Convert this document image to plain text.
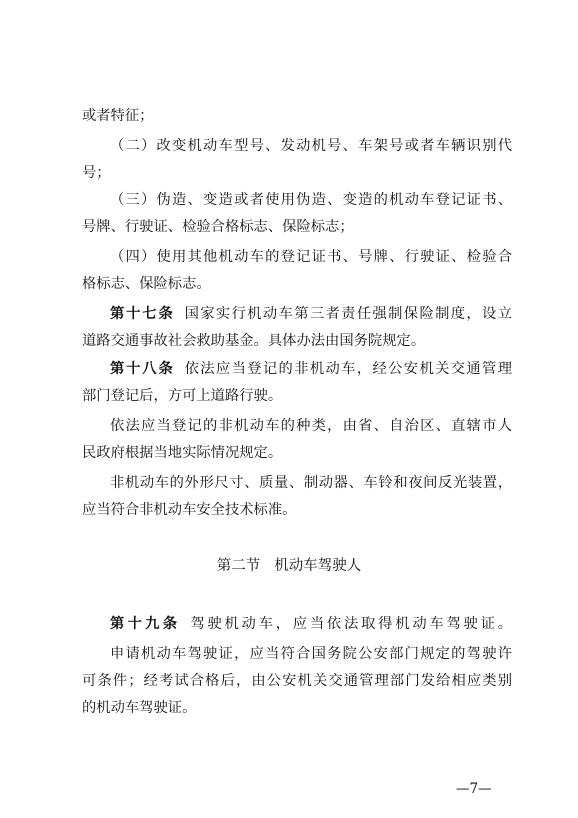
或者特征；
（二）改变机动车型号、发动机号、车架号或者车辆识别代
号；
（三）伪造、变造或者使用伪造、变造的机动车登记证书、
号牌、行驶证、检验合格标志、保险标志；
（四）使用其他机动车的登记证书、号牌、行驶证、检验合
格标志、保险标志。
第十七条 国家实行机动车第三者责任强制保险制度，设立
道路交通事故社会救助基金。具体办法由国务院规定。
第十八条 依法应当登记的非机动车，经公安机关交通管理
部门登记后，方可上道路行驶。
依法应当登记的非机动车的种类，由省、自治区、直辖市人
民政府根据当地实际情况规定。
非机动车的外形尺寸、质量、制动器、车铃和夜间反光装置，
应当符合非机动车安全技术标准。
第二节 机动车驾驶人
第十九条 驾驶机动车，应当依法取得机动车驾驶证。
申请机动车驾驶证，应当符合国务院公安部门规定的驾驶许
可条件；经考试合格后，由公安机关交通管理部门发给相应类别
的机动车驾驶证。
—7—
